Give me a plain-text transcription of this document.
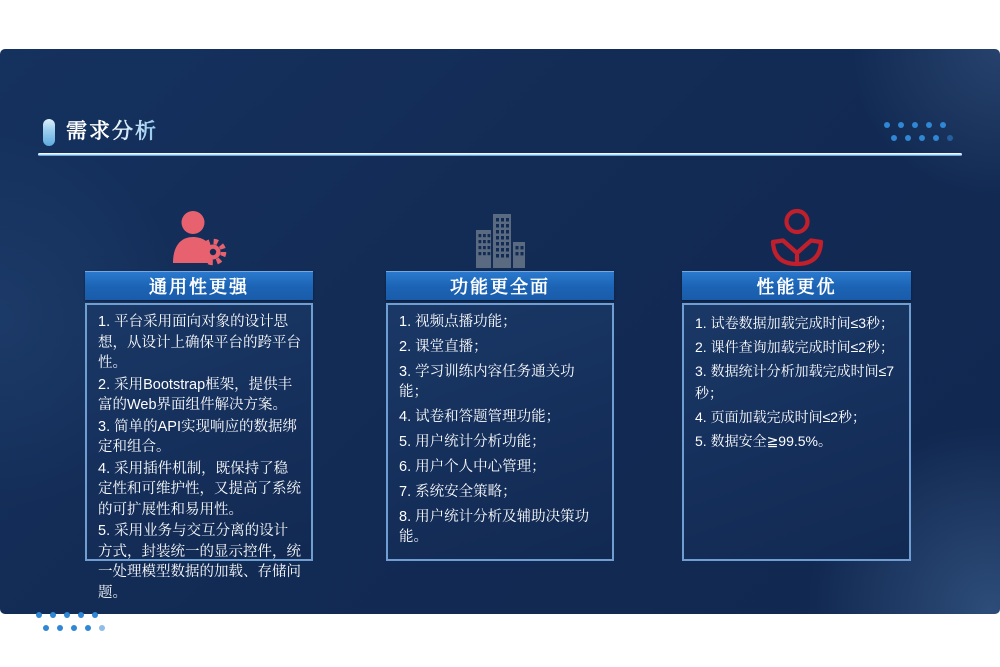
需求分析
通用性更强
1. 平台采用面向对象的设计思想，从设计上确保平台的跨平台性。
2. 采用Bootstrap框架，提供丰富的Web界面组件解决方案。
3. 简单的API实现响应的数据绑定和组合。
4. 采用插件机制，既保持了稳定性和可维护性，又提高了系统的可扩展性和易用性。
5. 采用业务与交互分离的设计方式，封装统一的显示控件，统一处理模型数据的加载、存储问题。
功能更全面
1. 视频点播功能；
2. 课堂直播；
3. 学习训练内容任务通关功能；
4. 试卷和答题管理功能；
5. 用户统计分析功能；
6. 用户个人中心管理；
7. 系统安全策略；
8. 用户统计分析及辅助决策功能。
性能更优
1. 试卷数据加载完成时间≤3秒；
2. 课件查询加载完成时间≤2秒；
3. 数据统计分析加载完成时间≤7秒；
4. 页面加载完成时间≤2秒；
5. 数据安全≧99.5%。
